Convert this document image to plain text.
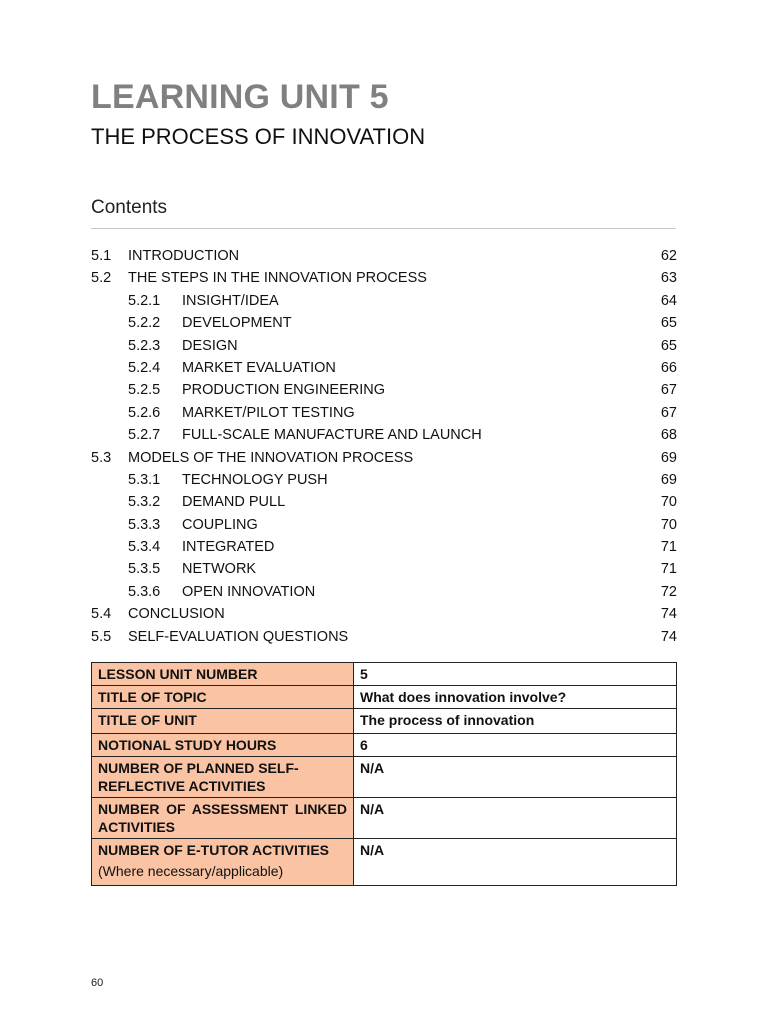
LEARNING UNIT 5
THE PROCESS OF INNOVATION
Contents
5.1 INTRODUCTION	62
5.2 THE STEPS IN THE INNOVATION PROCESS	63
5.2.1 INSIGHT/IDEA	64
5.2.2 DEVELOPMENT	65
5.2.3 DESIGN	65
5.2.4 MARKET EVALUATION	66
5.2.5 PRODUCTION ENGINEERING	67
5.2.6 MARKET/PILOT TESTING	67
5.2.7 FULL-SCALE MANUFACTURE AND LAUNCH	68
5.3 MODELS OF THE INNOVATION PROCESS	69
5.3.1 TECHNOLOGY PUSH	69
5.3.2 DEMAND PULL	70
5.3.3 COUPLING	70
5.3.4 INTEGRATED	71
5.3.5 NETWORK	71
5.3.6 OPEN INNOVATION	72
5.4 CONCLUSION	74
5.5 SELF-EVALUATION QUESTIONS	74
LESSON UNIT NUMBER	5
TITLE OF TOPIC	What does innovation involve?
TITLE OF UNIT	The process of innovation
NOTIONAL STUDY HOURS	6
NUMBER OF PLANNED SELF-REFLECTIVE ACTIVITIES	N/A
NUMBER OF ASSESSMENT LINKED ACTIVITIES	N/A
NUMBER OF E-TUTOR ACTIVITIES
(Where necessary/applicable)	N/A
60
